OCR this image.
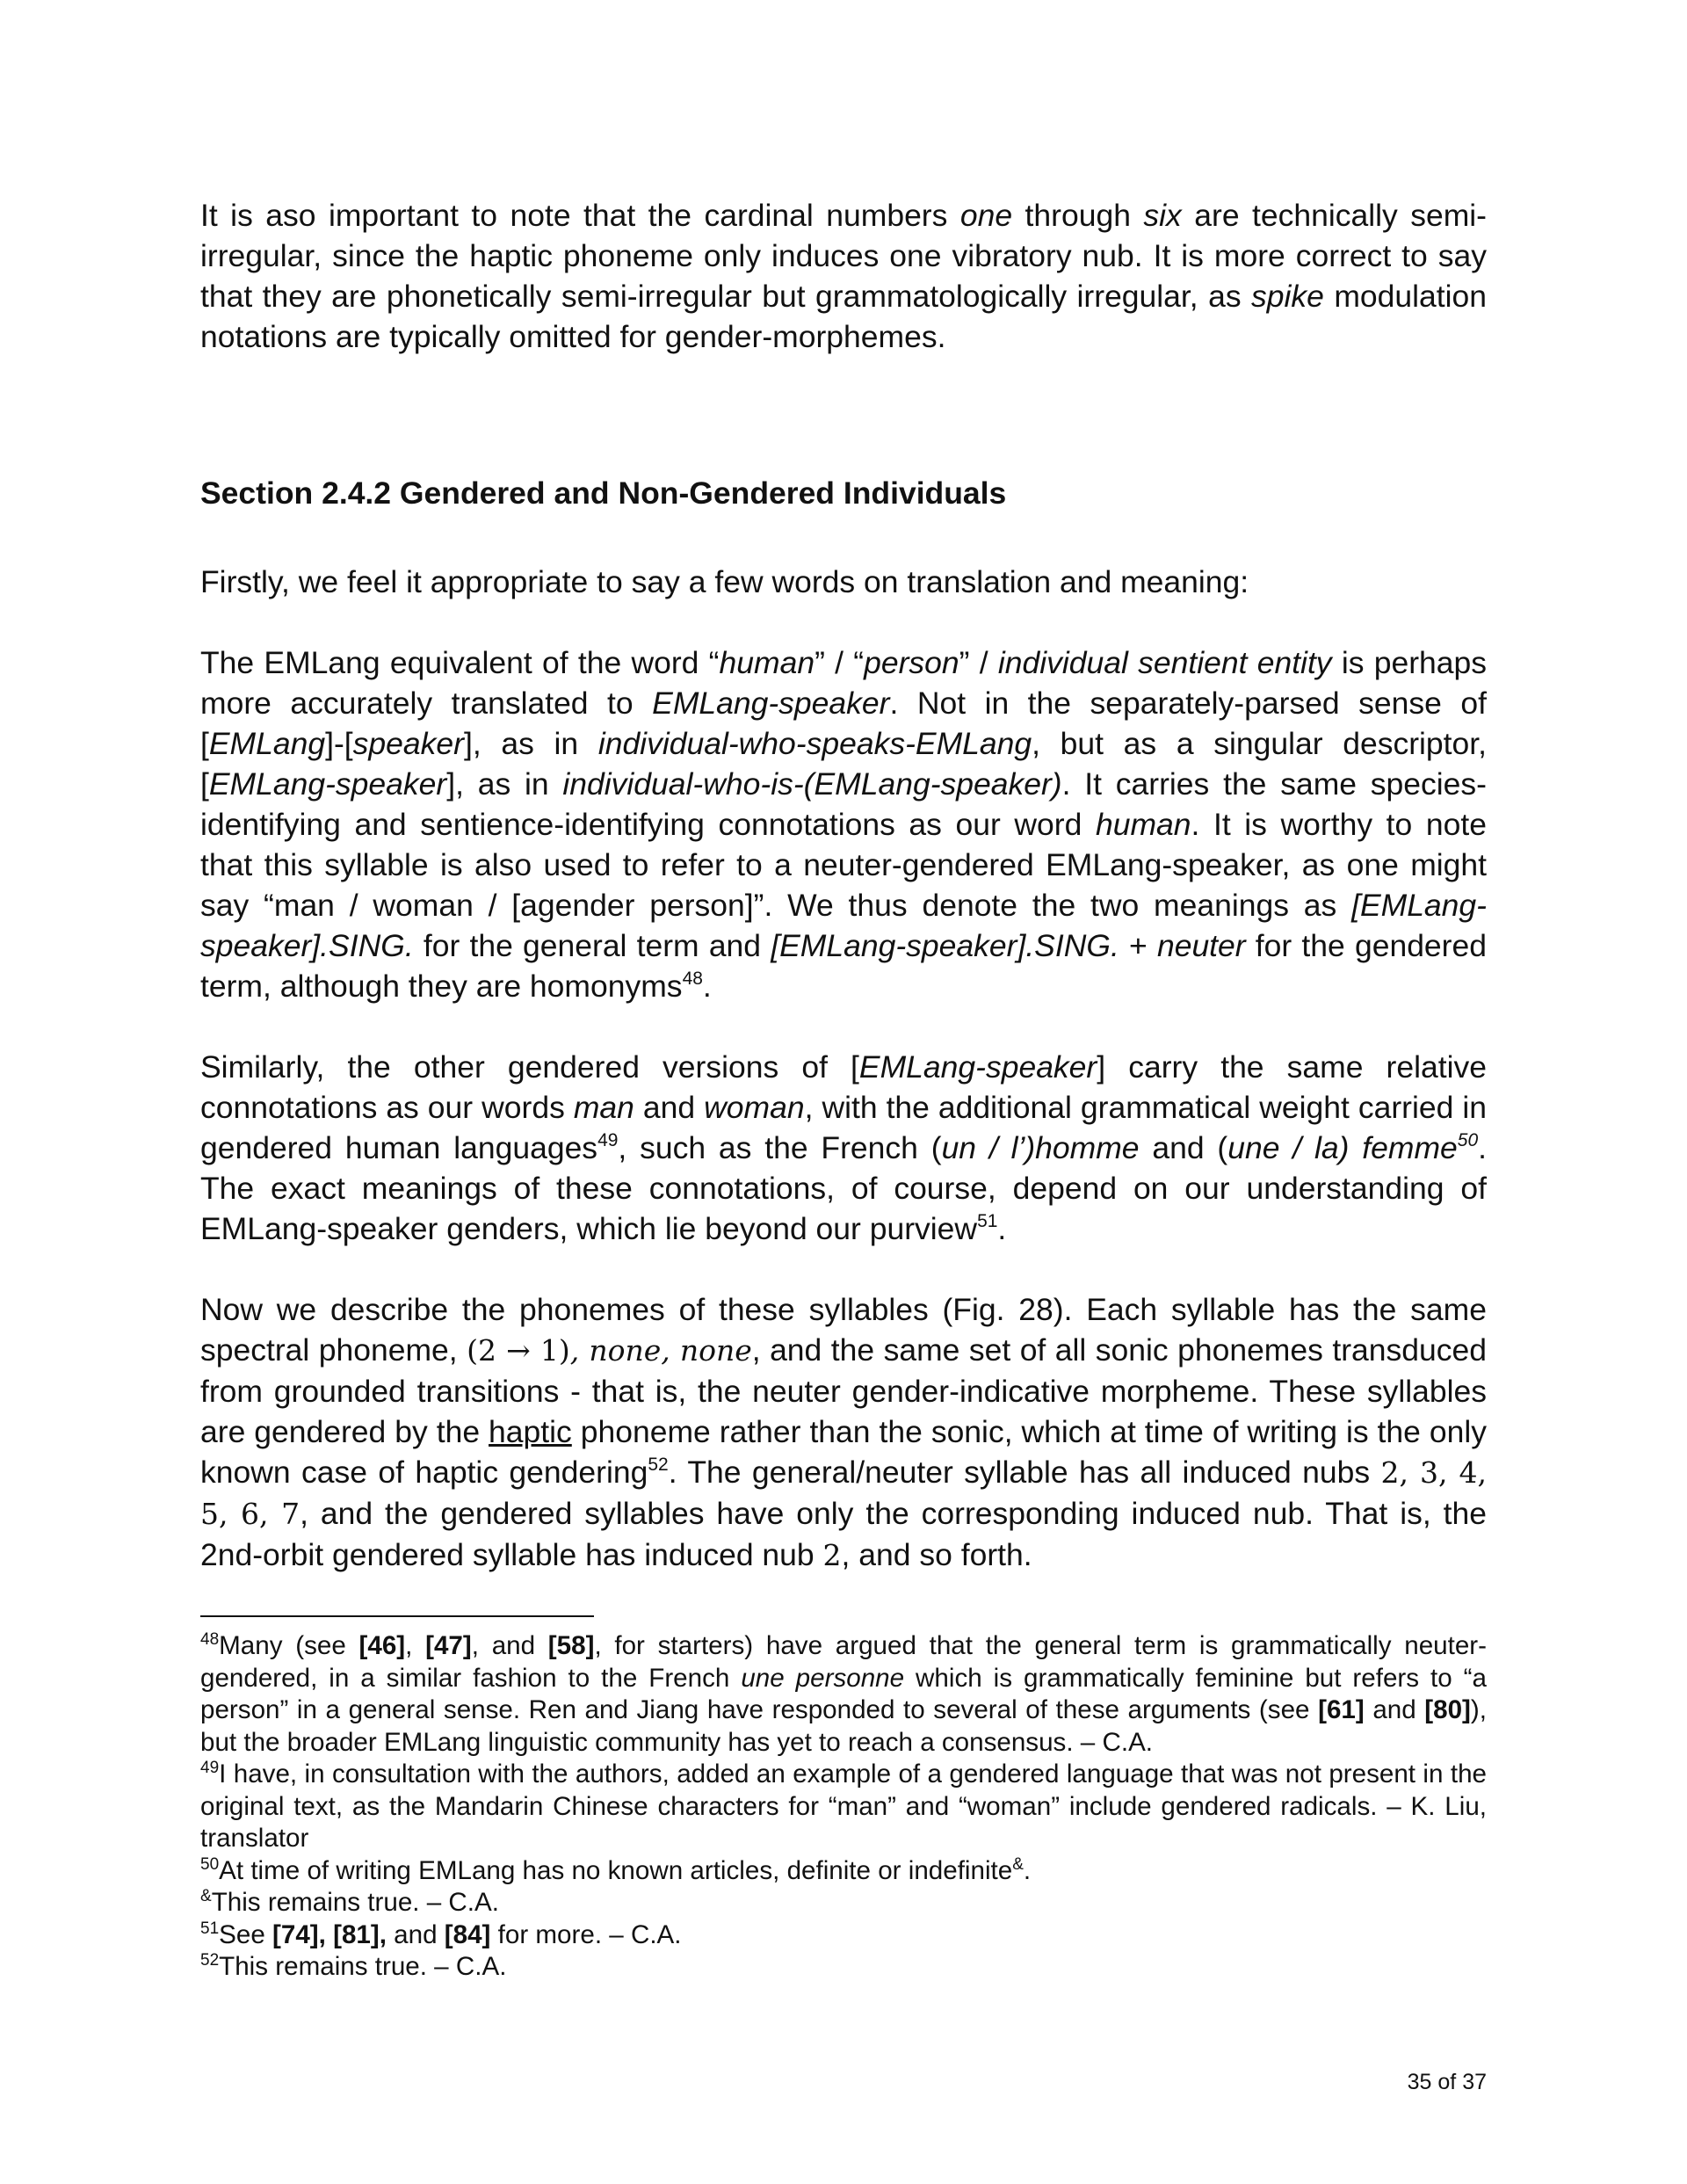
It is aso important to note that the cardinal numbers one through six are technically semi-irregular, since the haptic phoneme only induces one vibratory nub. It is more correct to say that they are phonetically semi-irregular but grammatologically irregular, as spike modulation notations are typically omitted for gender-morphemes.

Section 2.4.2 Gendered and Non-Gendered Individuals

Firstly, we feel it appropriate to say a few words on translation and meaning:

The EMLang equivalent of the word “human” / “person” / individual sentient entity is perhaps more accurately translated to EMLang-speaker. Not in the separately-parsed sense of [EMLang]-[speaker], as in individual-who-speaks-EMLang, but as a singular descriptor, [EMLang-speaker], as in individual-who-is-(EMLang-speaker). It carries the same species-identifying and sentience-identifying connotations as our word human. It is worthy to note that this syllable is also used to refer to a neuter-gendered EMLang-speaker, as one might say “man / woman / [agender person]”. We thus denote the two meanings as [EMLang-speaker].SING. for the general term and [EMLang-speaker].SING. + neuter for the gendered term, although they are homonyms$^{48}$.

Similarly, the other gendered versions of [EMLang-speaker] carry the same relative connotations as our words man and woman, with the additional grammatical weight carried in gendered human languages$^{49}$, such as the French (un / l’)homme and (une / la) femme$^{50}$. The exact meanings of these connotations, of course, depend on our understanding of EMLang-speaker genders, which lie beyond our purview$^{51}$.

Now we describe the phonemes of these syllables (Fig. 28). Each syllable has the same spectral phoneme, (2 → 1), none, none, and the same set of all sonic phonemes transduced from grounded transitions - that is, the neuter gender-indicative morpheme. These syllables are gendered by the haptic phoneme rather than the sonic, which at time of writing is the only known case of haptic gendering$^{52}$. The general/neuter syllable has all induced nubs 2, 3, 4, 5, 6, 7, and the gendered syllables have only the corresponding induced nub. That is, the 2nd-orbit gendered syllable has induced nub 2, and so forth.

$^{48}$Many (see [46], [47], and [58], for starters) have argued that the general term is grammatically neuter-gendered, in a similar fashion to the French une personne which is grammatically feminine but refers to “a person” in a general sense. Ren and Jiang have responded to several of these arguments (see [61] and [80]), but the broader EMLang linguistic community has yet to reach a consensus. – C.A.

$^{49}$I have, in consultation with the authors, added an example of a gendered language that was not present in the original text, as the Mandarin Chinese characters for “man” and “woman” include gendered radicals. – K. Liu, translator

$^{50}$At time of writing EMLang has no known articles, definite or indefinite&.

&This remains true. – C.A.

$^{51}$See [74], [81], and [84] for more. – C.A.

$^{52}$This remains true. – C.A.

35 of 37
